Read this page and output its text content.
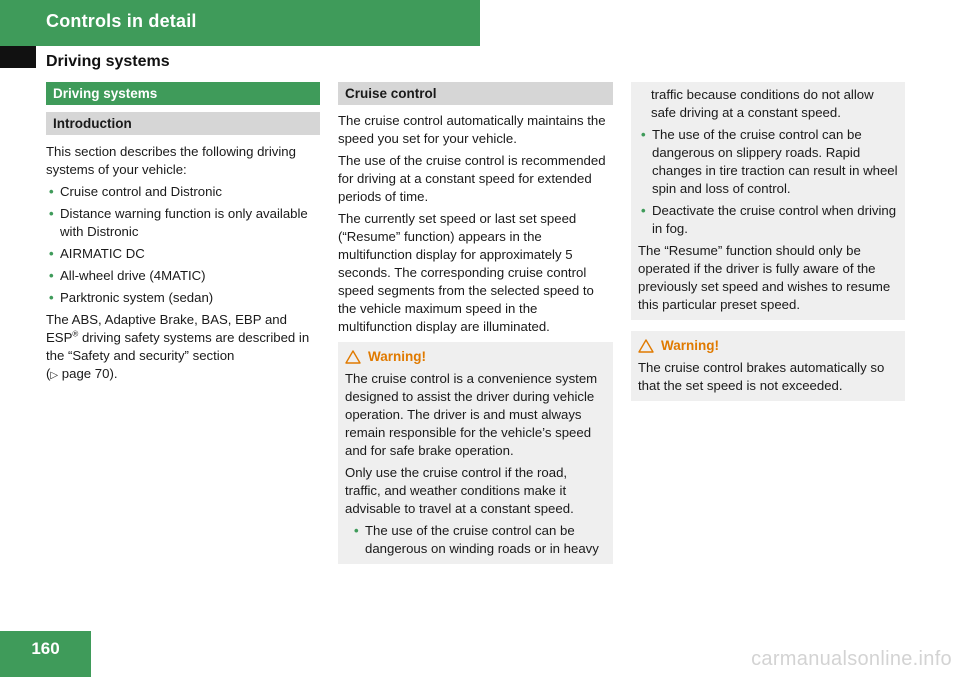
Controls in detail
Driving systems
Driving systems
Introduction

This section describes the following driving systems of your vehicle:

• Cruise control and Distronic
• Distance warning function is only available with Distronic
• AIRMATIC DC
• All-wheel drive (4MATIC)
• Parktronic system (sedan)

The ABS, Adaptive Brake, BAS, EBP and ESP® driving safety systems are described in the “Safety and security” section
(▷ page 70).

Cruise control

The cruise control automatically maintains the speed you set for your vehicle.

The use of the cruise control is recommended for driving at a constant speed for extended periods of time.

The currently set speed or last set speed (“Resume” function) appears in the multifunction display for approximately 5 seconds. The corresponding cruise control speed segments from the selected speed to the vehicle maximum speed in the multifunction display are illuminated.

Warning!

The cruise control is a convenience system designed to assist the driver during vehicle operation. The driver is and must always remain responsible for the vehicle’s speed and for safe brake operation.

Only use the cruise control if the road, traffic, and weather conditions make it advisable to travel at a constant speed.

• The use of the cruise control can be dangerous on winding roads or in heavy

traffic because conditions do not allow safe driving at a constant speed.

• The use of the cruise control can be dangerous on slippery roads. Rapid changes in tire traction can result in wheel spin and loss of control.
• Deactivate the cruise control when driving in fog.

The “Resume” function should only be operated if the driver is fully aware of the previously set speed and wishes to resume this particular preset speed.

Warning!

The cruise control brakes automatically so that the set speed is not exceeded.

160	carmanualsonline.info
